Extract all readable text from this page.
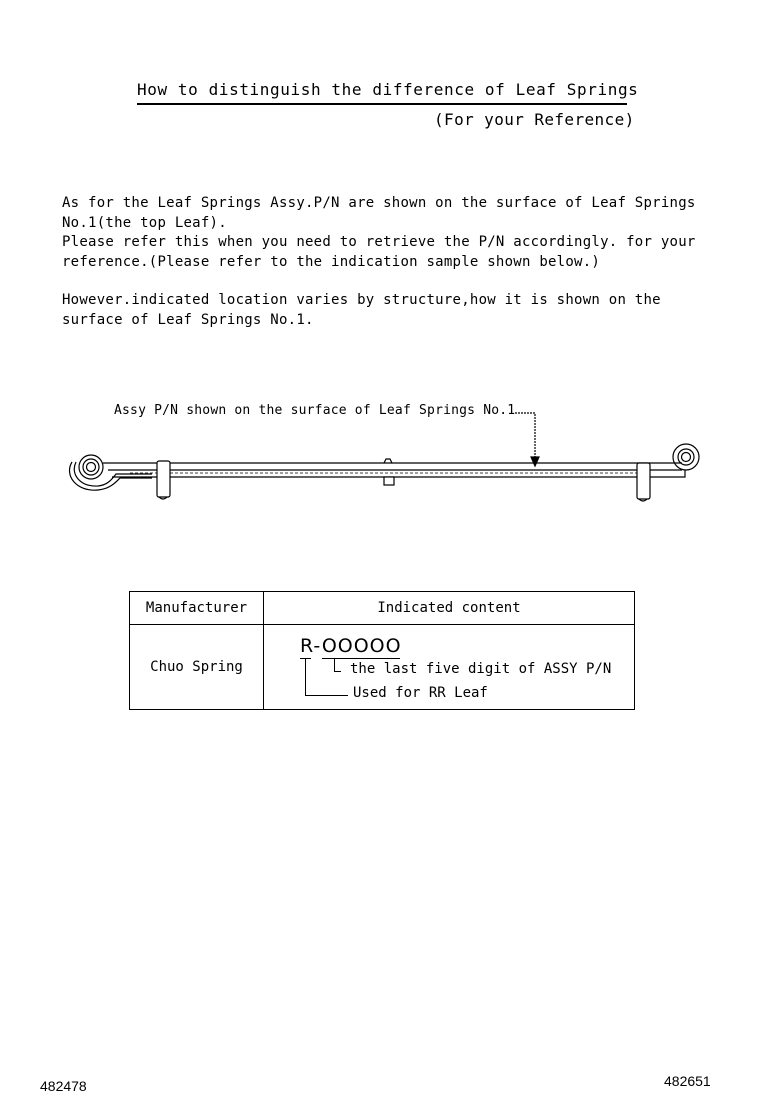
How to distinguish the difference of Leaf Springs
(For your Reference)
As for the Leaf Springs Assy.P/N are shown on the surface of Leaf Springs
No.1(the top Leaf).
Please refer this when you need to retrieve the P/N accordingly. for your
reference.(Please refer to the indication sample shown below.)
However.indicated location varies by structure,how it is shown on the
surface of Leaf Springs No.1.
Assy P/N shown on the surface of Leaf Springs No.1
Manufacturer	Indicated content
Chuo Spring	R-OOOOO
the last five digit of ASSY P/N
Used for RR Leaf
482478	482651
